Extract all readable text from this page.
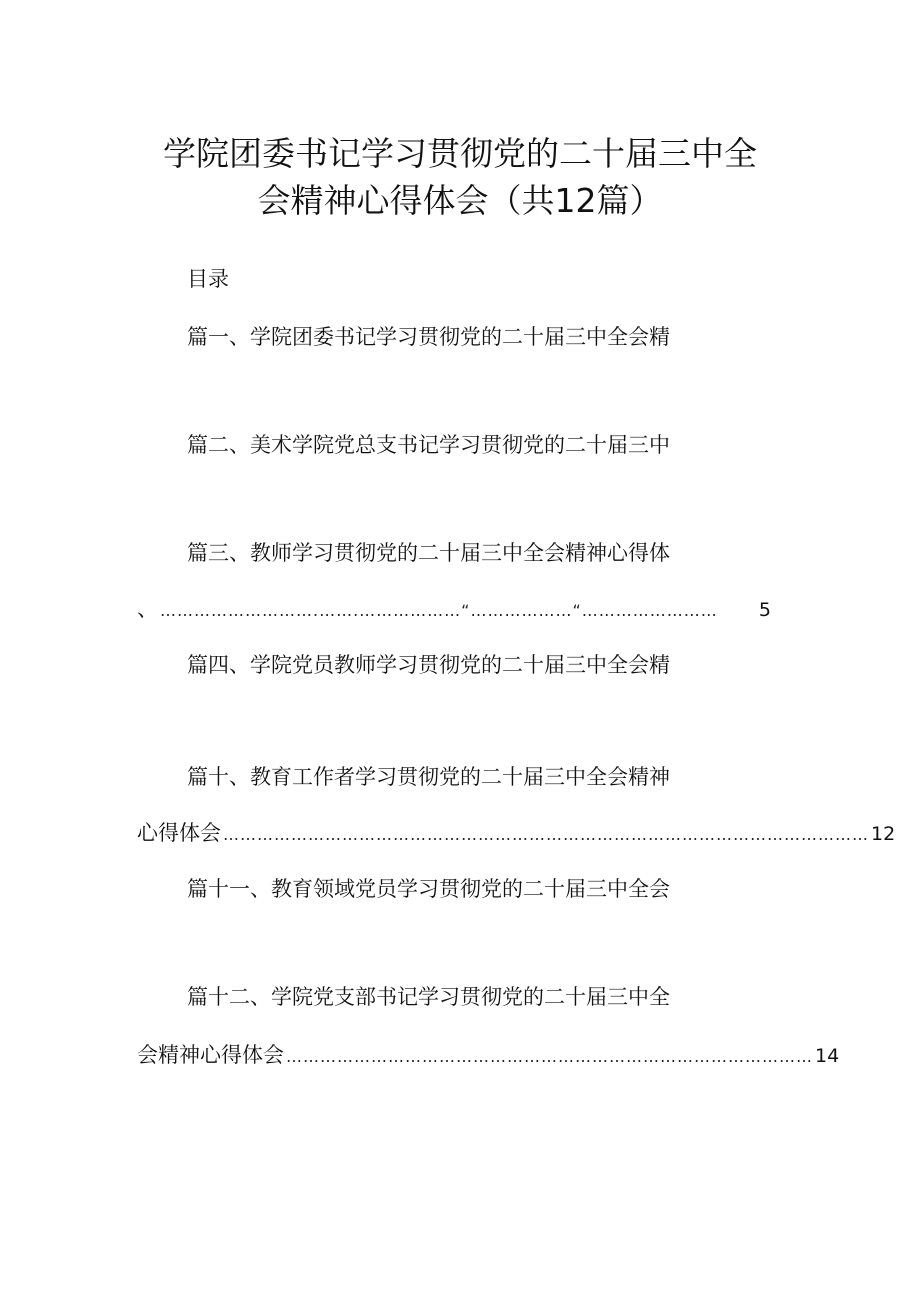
学院团委书记学习贯彻党的二十届三中全
会精神心得体会（共12篇）
目录
篇一、学院团委书记学习贯彻党的二十届三中全会精
篇二、美术学院党总支书记学习贯彻党的二十届三中
篇三、教师学习贯彻党的二十届三中全会精神心得体
、 ……………………….…….………………“………………“……………………	5
篇四、学院党员教师学习贯彻党的二十届三中全会精
篇十、教育工作者学习贯彻党的二十届三中全会精神
心得体会 …………………………………………………………………………………………………… 12
篇十一、教育领域党员学习贯彻党的二十届三中全会
篇十二、学院党支部书记学习贯彻党的二十届三中全
会精神心得体会 ………………………………………………………………………………… 14
